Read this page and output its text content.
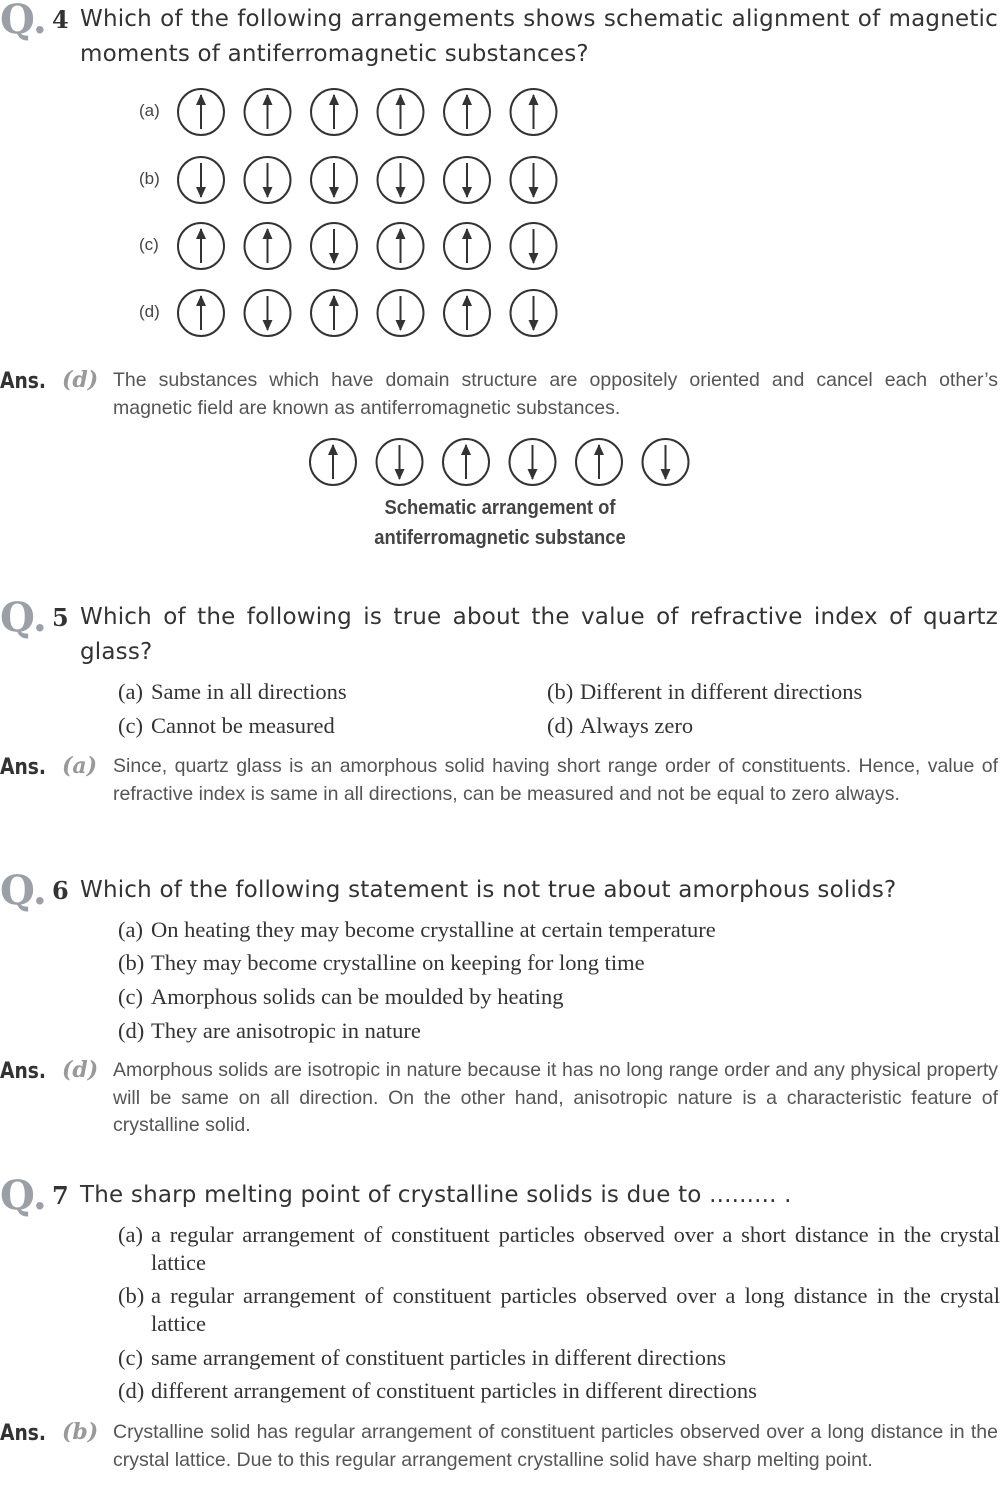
Q. 4 Which of the following arrangements shows schematic alignment of magnetic moments of antiferromagnetic substances?
(a)
(b)
(c)
(d)
Ans. (d) The substances which have domain structure are oppositely oriented and cancel each other’s magnetic field are known as antiferromagnetic substances.
Schematic arrangement of
antiferromagnetic substance
Q. 5 Which of the following is true about the value of refractive index of quartz glass?
(a) Same in all directions	(b) Different in different directions
(c) Cannot be measured	(d) Always zero
Ans. (a) Since, quartz glass is an amorphous solid having short range order of constituents. Hence, value of refractive index is same in all directions, can be measured and not be equal to zero always.
Q. 6 Which of the following statement is not true about amorphous solids?
(a) On heating they may become crystalline at certain temperature
(b) They may become crystalline on keeping for long time
(c) Amorphous solids can be moulded by heating
(d) They are anisotropic in nature
Ans. (d) Amorphous solids are isotropic in nature because it has no long range order and any physical property will be same on all direction. On the other hand, anisotropic nature is a characteristic feature of crystalline solid.
Q. 7 The sharp melting point of crystalline solids is due to ......... .
(a) a regular arrangement of constituent particles observed over a short distance in the crystal lattice
(b) a regular arrangement of constituent particles observed over a long distance in the crystal lattice
(c) same arrangement of constituent particles in different directions
(d) different arrangement of constituent particles in different directions
Ans. (b) Crystalline solid has regular arrangement of constituent particles observed over a long distance in the crystal lattice. Due to this regular arrangement crystalline solid have sharp melting point.
